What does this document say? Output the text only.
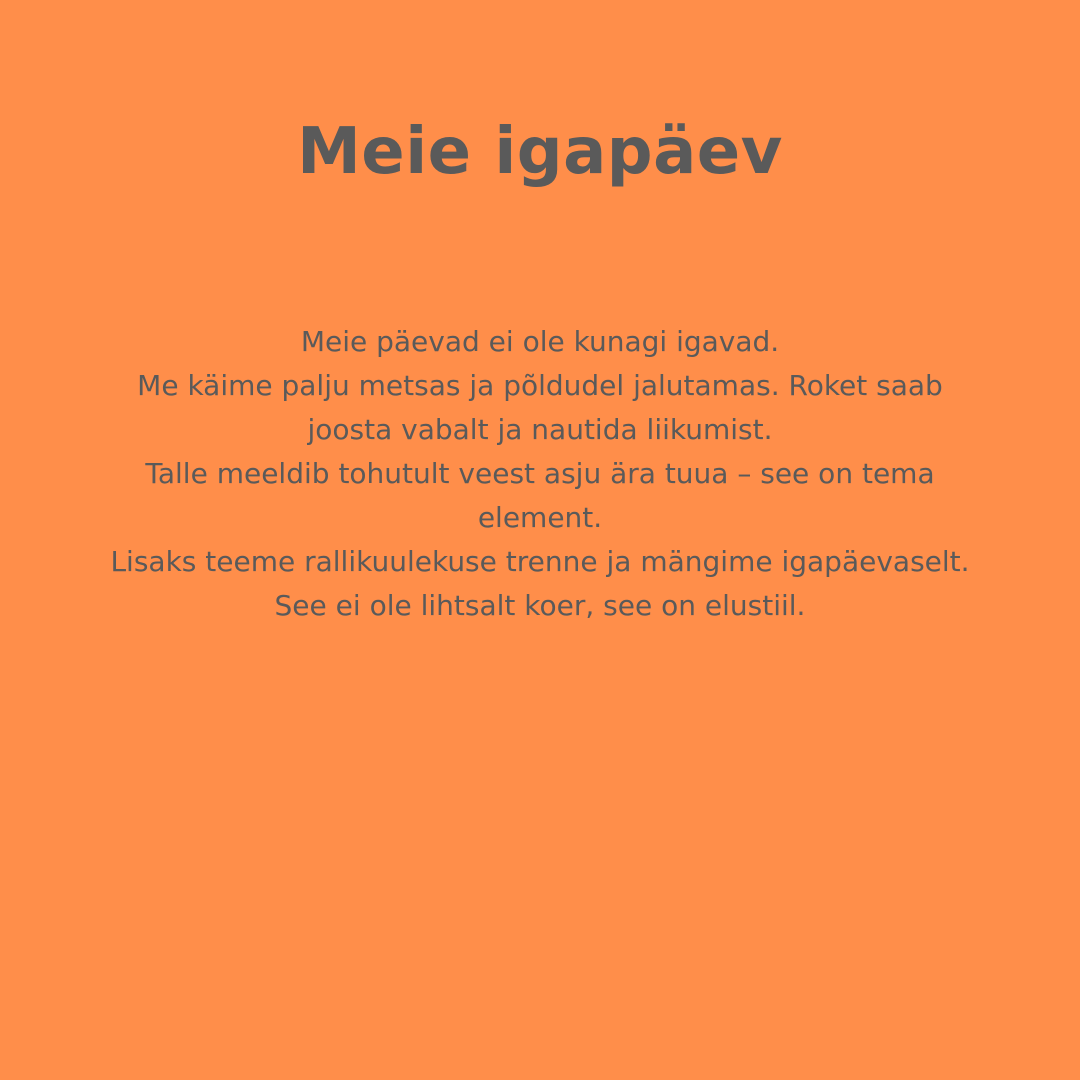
Meie igapäev
Meie päevad ei ole kunagi igavad.
Me käime palju metsas ja põldudel jalutamas. Roket saab joosta vabalt ja nautida liikumist.
Talle meeldib tohutult veest asju ära tuua – see on tema element.
Lisaks teeme rallikuulekuse trenne ja mängime igapäevaselt.
See ei ole lihtsalt koer, see on elustiil.
